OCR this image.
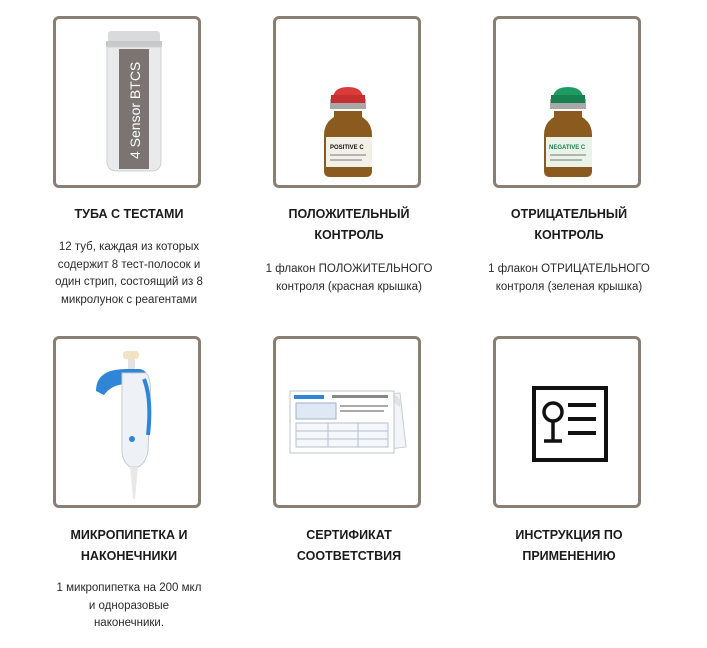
4 Sensor BTCS
ТУБА С ТЕСТАМИ
12 туб, каждая из которых
содержит 8 тест-полосок и
один стрип, состоящий из 8
микролунок с реагентами
POSITIVE C
ПОЛОЖИТЕЛЬНЫЙ
КОНТРОЛЬ
1 флакон ПОЛОЖИТЕЛЬНОГО
контроля (красная крышка)
NEGATIVE C
ОТРИЦАТЕЛЬНЫЙ
КОНТРОЛЬ
1 флакон ОТРИЦАТЕЛЬНОГО
контроля (зеленая крышка)
МИКРОПИПЕТКА И
НАКОНЕЧНИКИ
1 микропипетка на 200 мкл
и одноразовые
наконечники.
СЕРТИФИКАТ
СООТВЕТСТВИЯ
ИНСТРУКЦИЯ ПО
ПРИМЕНЕНИЮ
